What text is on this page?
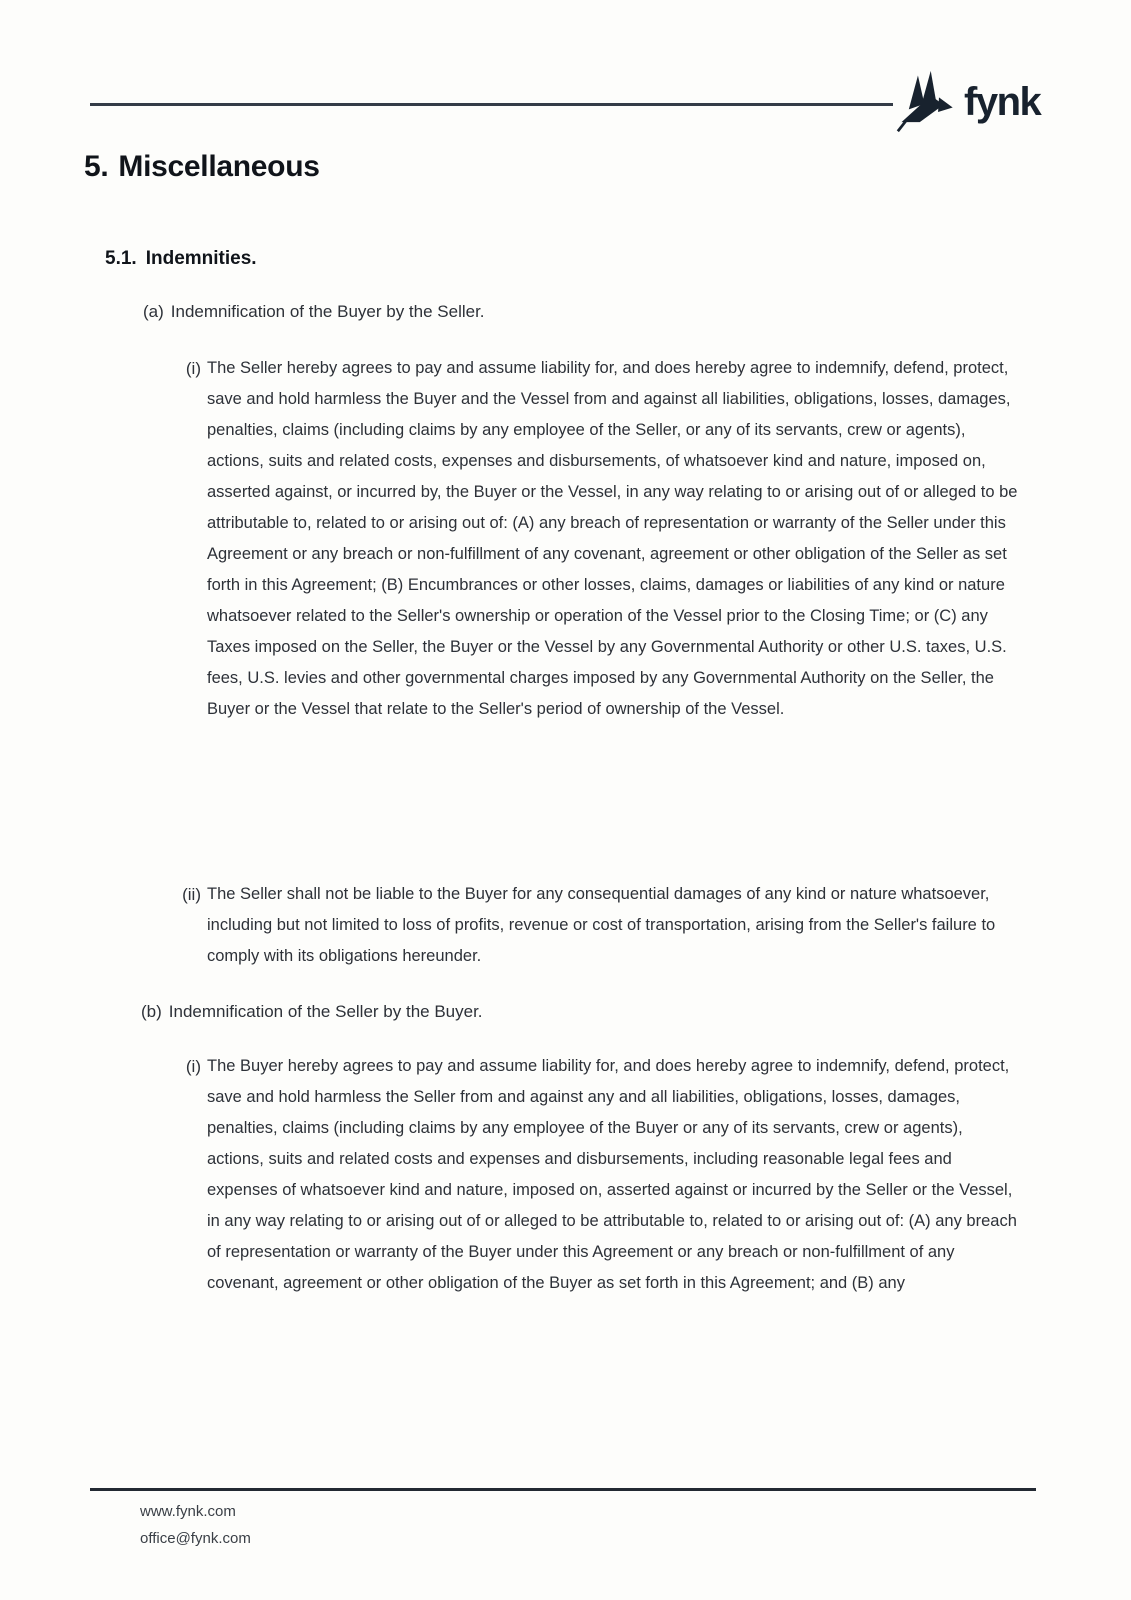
fynk
5. Miscellaneous
5.1. Indemnities.
(a) Indemnification of the Buyer by the Seller.
(i) The Seller hereby agrees to pay and assume liability for, and does hereby agree to indemnify, defend, protect, save and hold harmless the Buyer and the Vessel from and against all liabilities, obligations, losses, damages, penalties, claims (including claims by any employee of the Seller, or any of its servants, crew or agents), actions, suits and related costs, expenses and disbursements, of whatsoever kind and nature, imposed on, asserted against, or incurred by, the Buyer or the Vessel, in any way relating to or arising out of or alleged to be attributable to, related to or arising out of: (A) any breach of representation or warranty of the Seller under this Agreement or any breach or non-fulfillment of any covenant, agreement or other obligation of the Seller as set forth in this Agreement; (B) Encumbrances or other losses, claims, damages or liabilities of any kind or nature whatsoever related to the Seller's ownership or operation of the Vessel prior to the Closing Time; or (C) any Taxes imposed on the Seller, the Buyer or the Vessel by any Governmental Authority or other U.S. taxes, U.S. fees, U.S. levies and other governmental charges imposed by any Governmental Authority on the Seller, the Buyer or the Vessel that relate to the Seller's period of ownership of the Vessel.
(ii) The Seller shall not be liable to the Buyer for any consequential damages of any kind or nature whatsoever, including but not limited to loss of profits, revenue or cost of transportation, arising from the Seller's failure to comply with its obligations hereunder.
(b) Indemnification of the Seller by the Buyer.
(i) The Buyer hereby agrees to pay and assume liability for, and does hereby agree to indemnify, defend, protect, save and hold harmless the Seller from and against any and all liabilities, obligations, losses, damages, penalties, claims (including claims by any employee of the Buyer or any of its servants, crew or agents), actions, suits and related costs and expenses and disbursements, including reasonable legal fees and expenses of whatsoever kind and nature, imposed on, asserted against or incurred by the Seller or the Vessel, in any way relating to or arising out of or alleged to be attributable to, related to or arising out of: (A) any breach of representation or warranty of the Buyer under this Agreement or any breach or non-fulfillment of any covenant, agreement or other obligation of the Buyer as set forth in this Agreement; and (B) any
www.fynk.com
office@fynk.com
